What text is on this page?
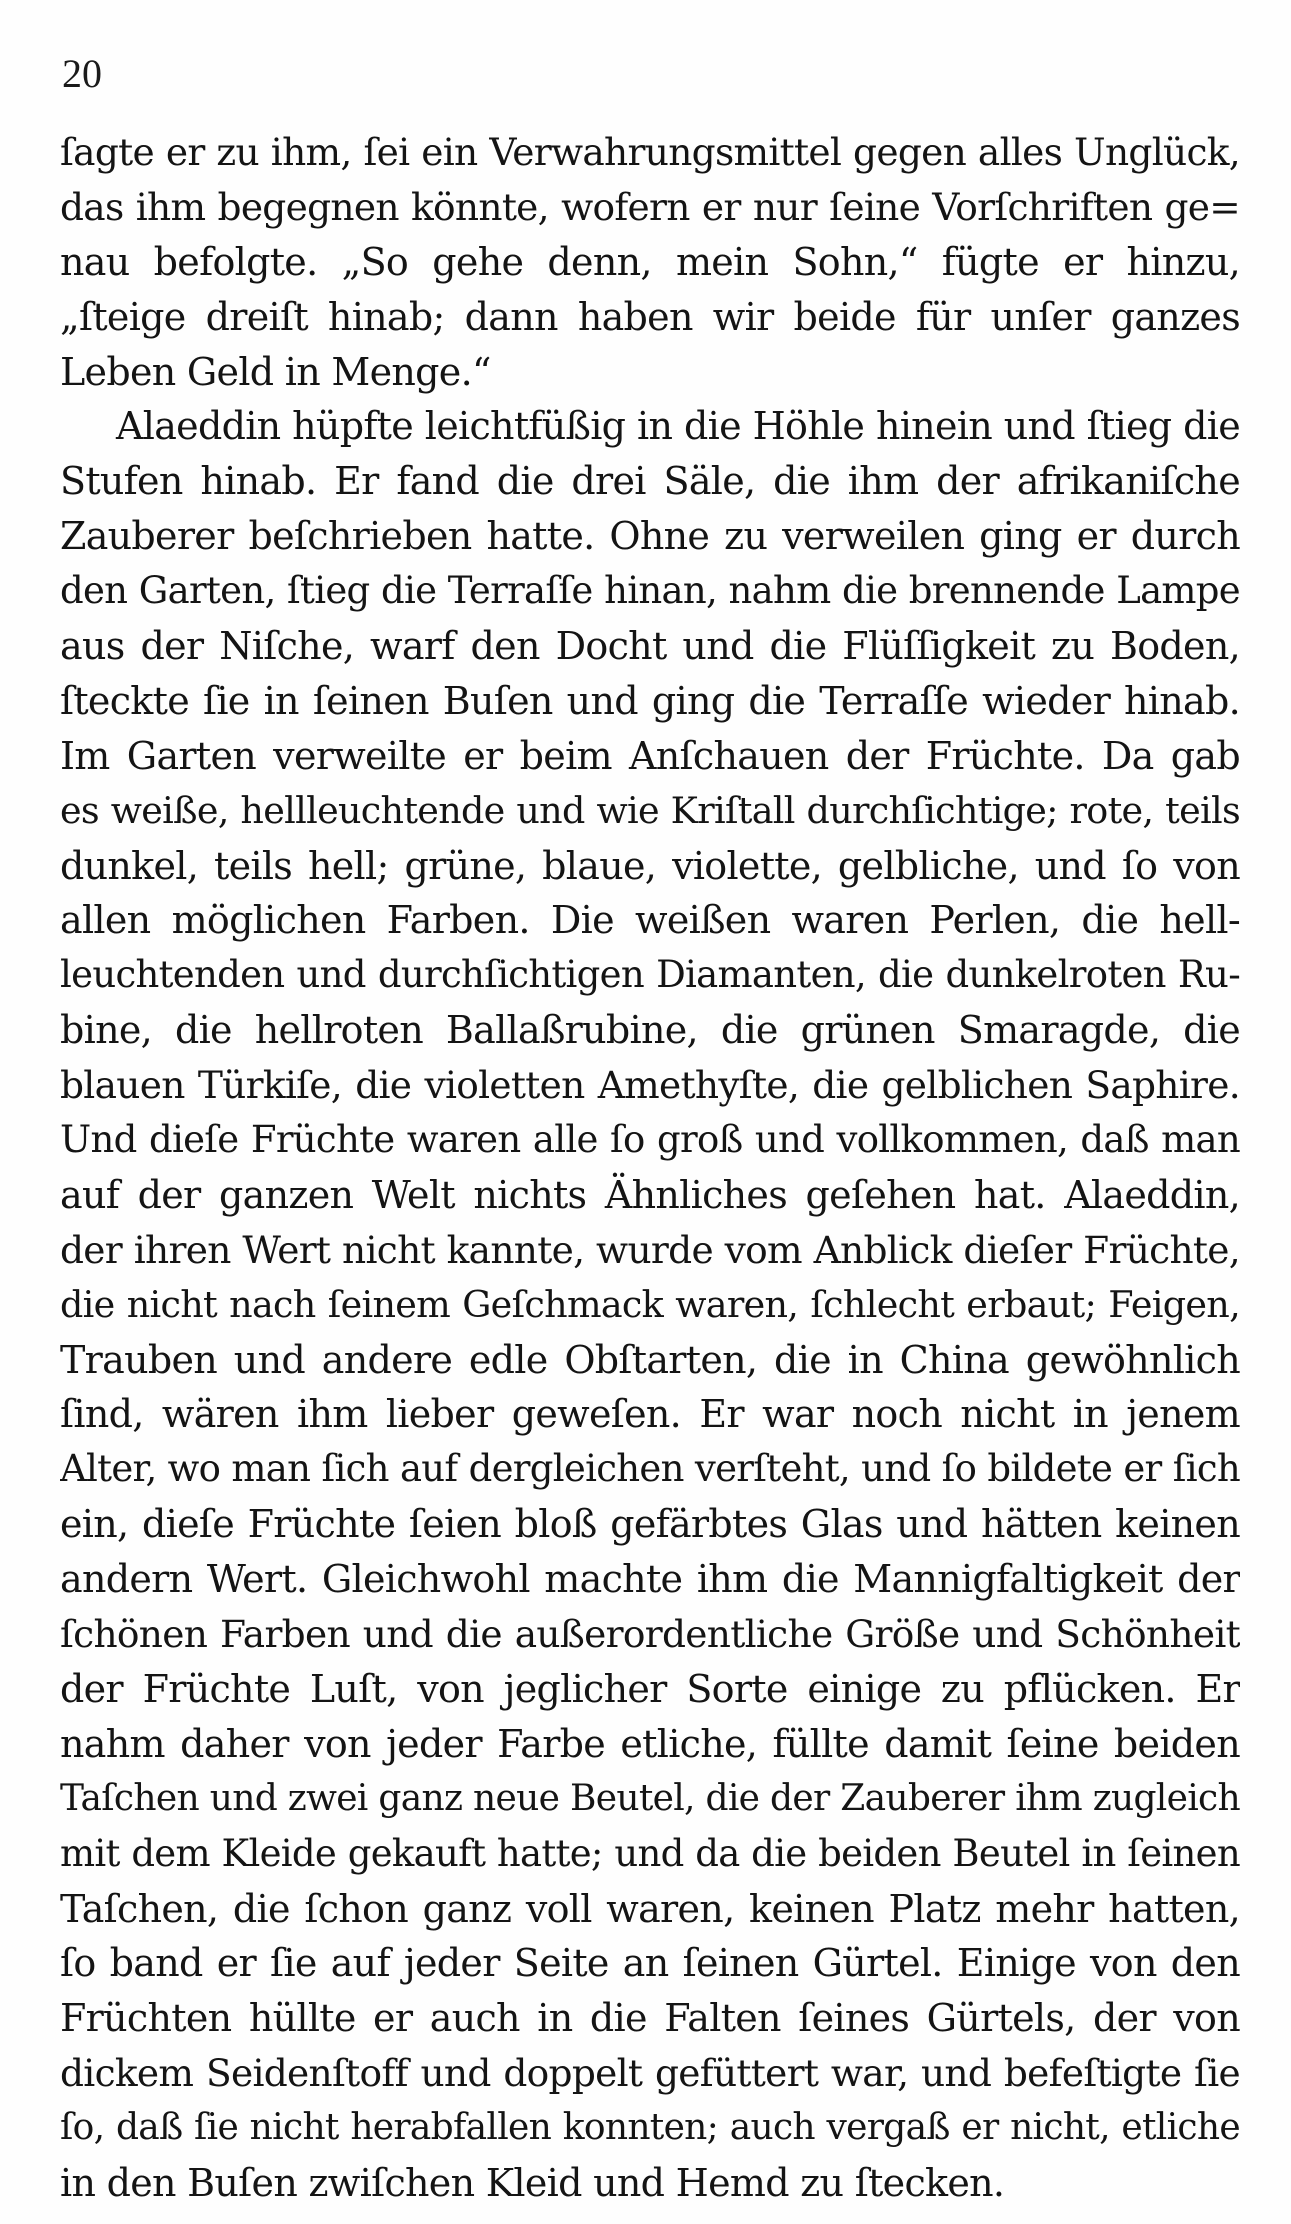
20
ſagte er zu ihm, ſei ein Verwahrungsmittel gegen alles Unglück,
das ihm begegnen könnte, wofern er nur ſeine Vorſchriften ge=
nau befolgte. „So gehe denn, mein Sohn,“ fügte er hinzu,
„ſteige dreiſt hinab; dann haben wir beide für unſer ganzes
Leben Geld in Menge.“
Alaeddin hüpfte leichtfüßig in die Höhle hinein und ſtieg die
Stufen hinab. Er fand die drei Säle, die ihm der afrikaniſche
Zauberer beſchrieben hatte. Ohne zu verweilen ging er durch
den Garten, ſtieg die Terraſſe hinan, nahm die brennende Lampe
aus der Niſche, warf den Docht und die Flüſſigkeit zu Boden,
ſteckte ſie in ſeinen Buſen und ging die Terraſſe wieder hinab.
Im Garten verweilte er beim Anſchauen der Früchte. Da gab
es weiße, hellleuchtende und wie Kriſtall durchſichtige; rote, teils
dunkel, teils hell; grüne, blaue, violette, gelbliche, und ſo von
allen möglichen Farben. Die weißen waren Perlen, die hell-
leuchtenden und durchſichtigen Diamanten, die dunkelroten Ru-
bine, die hellroten Ballaßrubine, die grünen Smaragde, die
blauen Türkiſe, die violetten Amethyſte, die gelblichen Saphire.
Und dieſe Früchte waren alle ſo groß und vollkommen, daß man
auf der ganzen Welt nichts Ähnliches geſehen hat. Alaeddin,
der ihren Wert nicht kannte, wurde vom Anblick dieſer Früchte,
die nicht nach ſeinem Geſchmack waren, ſchlecht erbaut; Feigen,
Trauben und andere edle Obſtarten, die in China gewöhnlich
ſind, wären ihm lieber geweſen. Er war noch nicht in jenem
Alter, wo man ſich auf dergleichen verſteht, und ſo bildete er ſich
ein, dieſe Früchte ſeien bloß gefärbtes Glas und hätten keinen
andern Wert. Gleichwohl machte ihm die Mannigfaltigkeit der
ſchönen Farben und die außerordentliche Größe und Schönheit
der Früchte Luſt, von jeglicher Sorte einige zu pflücken. Er
nahm daher von jeder Farbe etliche, füllte damit ſeine beiden
Taſchen und zwei ganz neue Beutel, die der Zauberer ihm zugleich
mit dem Kleide gekauft hatte; und da die beiden Beutel in ſeinen
Taſchen, die ſchon ganz voll waren, keinen Platz mehr hatten,
ſo band er ſie auf jeder Seite an ſeinen Gürtel. Einige von den
Früchten hüllte er auch in die Falten ſeines Gürtels, der von
dickem Seidenſtoff und doppelt gefüttert war, und befeſtigte ſie
ſo, daß ſie nicht herabfallen konnten; auch vergaß er nicht, etliche
in den Buſen zwiſchen Kleid und Hemd zu ſtecken.
